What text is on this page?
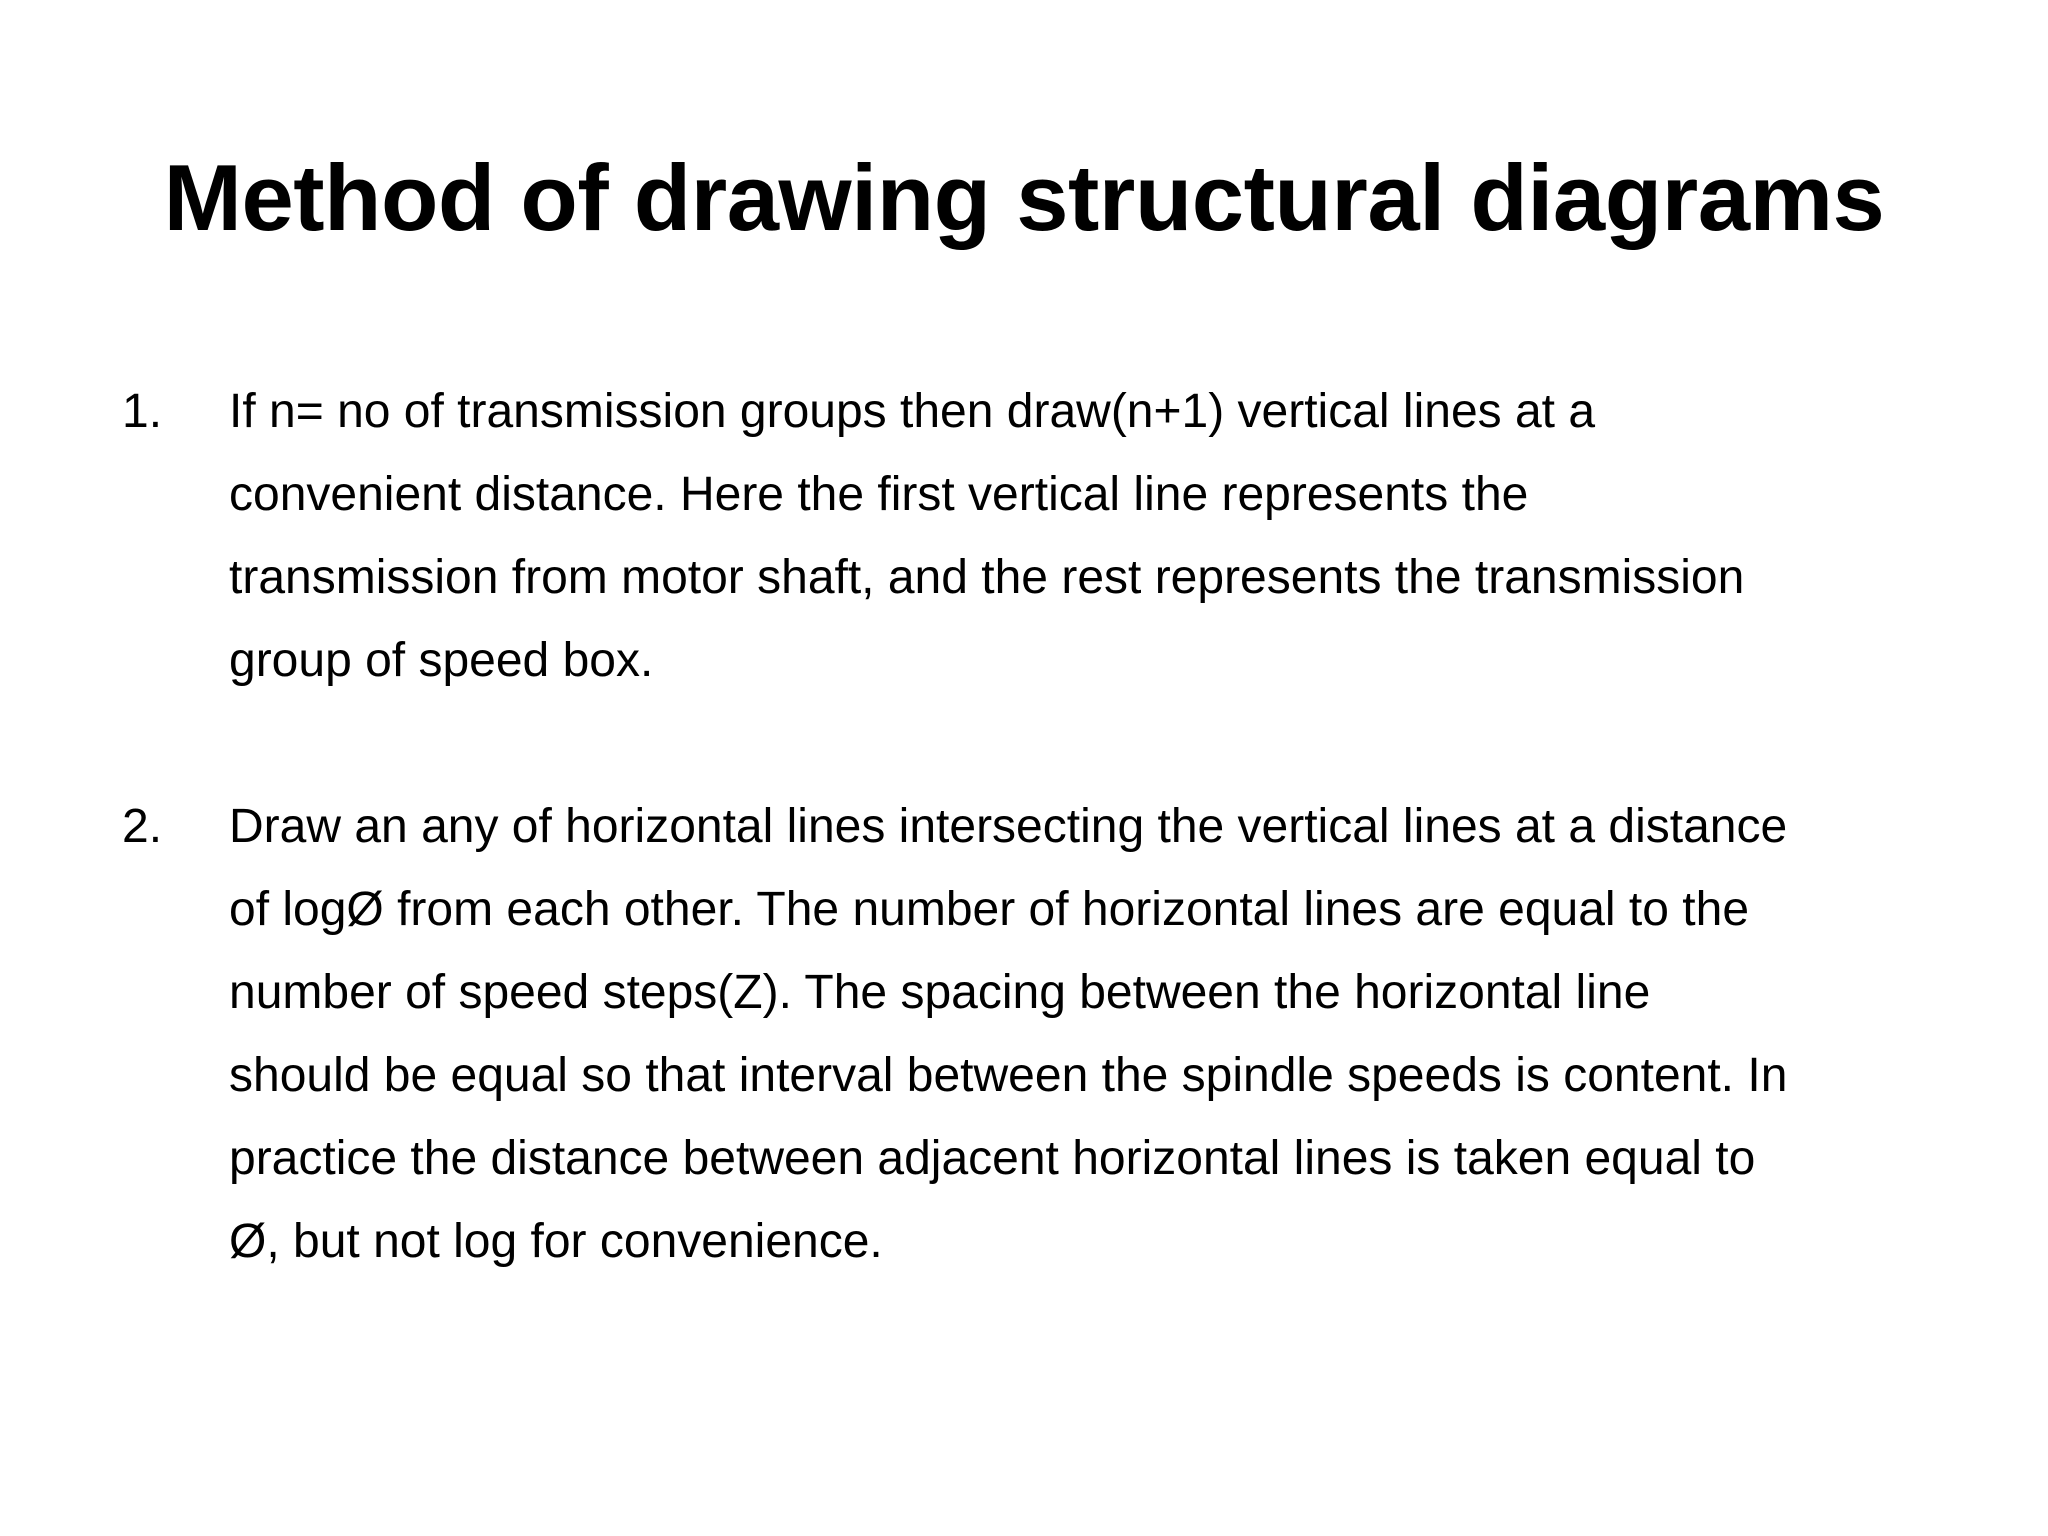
Method of drawing structural diagrams
1.	If n= no of transmission groups then draw(n+1) vertical lines at a convenient distance. Here the first vertical line represents the transmission from motor shaft, and the rest represents the transmission group of speed box.
2.	Draw an any of horizontal lines intersecting the vertical lines at a distance of logØ from each other. The number of horizontal lines are equal to the number of speed steps(Z). The spacing between the horizontal line should be equal so that interval between the spindle speeds is content. In practice the distance between adjacent horizontal lines is taken equal to Ø, but not log for convenience.
